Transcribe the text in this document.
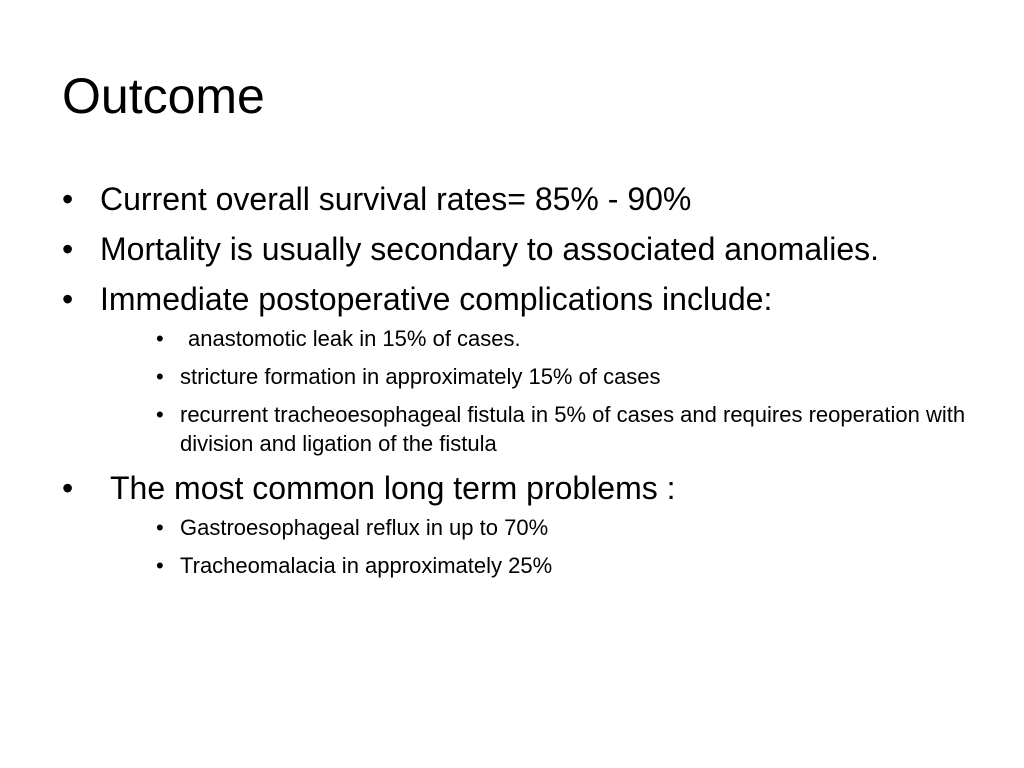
Outcome
• Current overall survival rates= 85% - 90%
• Mortality is usually secondary to associated anomalies.
• Immediate postoperative complications include:
•	anastomotic leak in 15% of cases.
• stricture formation in approximately 15% of cases
• recurrent tracheoesophageal fistula in 5% of cases and requires reoperation with division and ligation of the fistula
•	The most common long term problems :
• Gastroesophageal reflux in up to 70%
• Tracheomalacia in approximately 25%
